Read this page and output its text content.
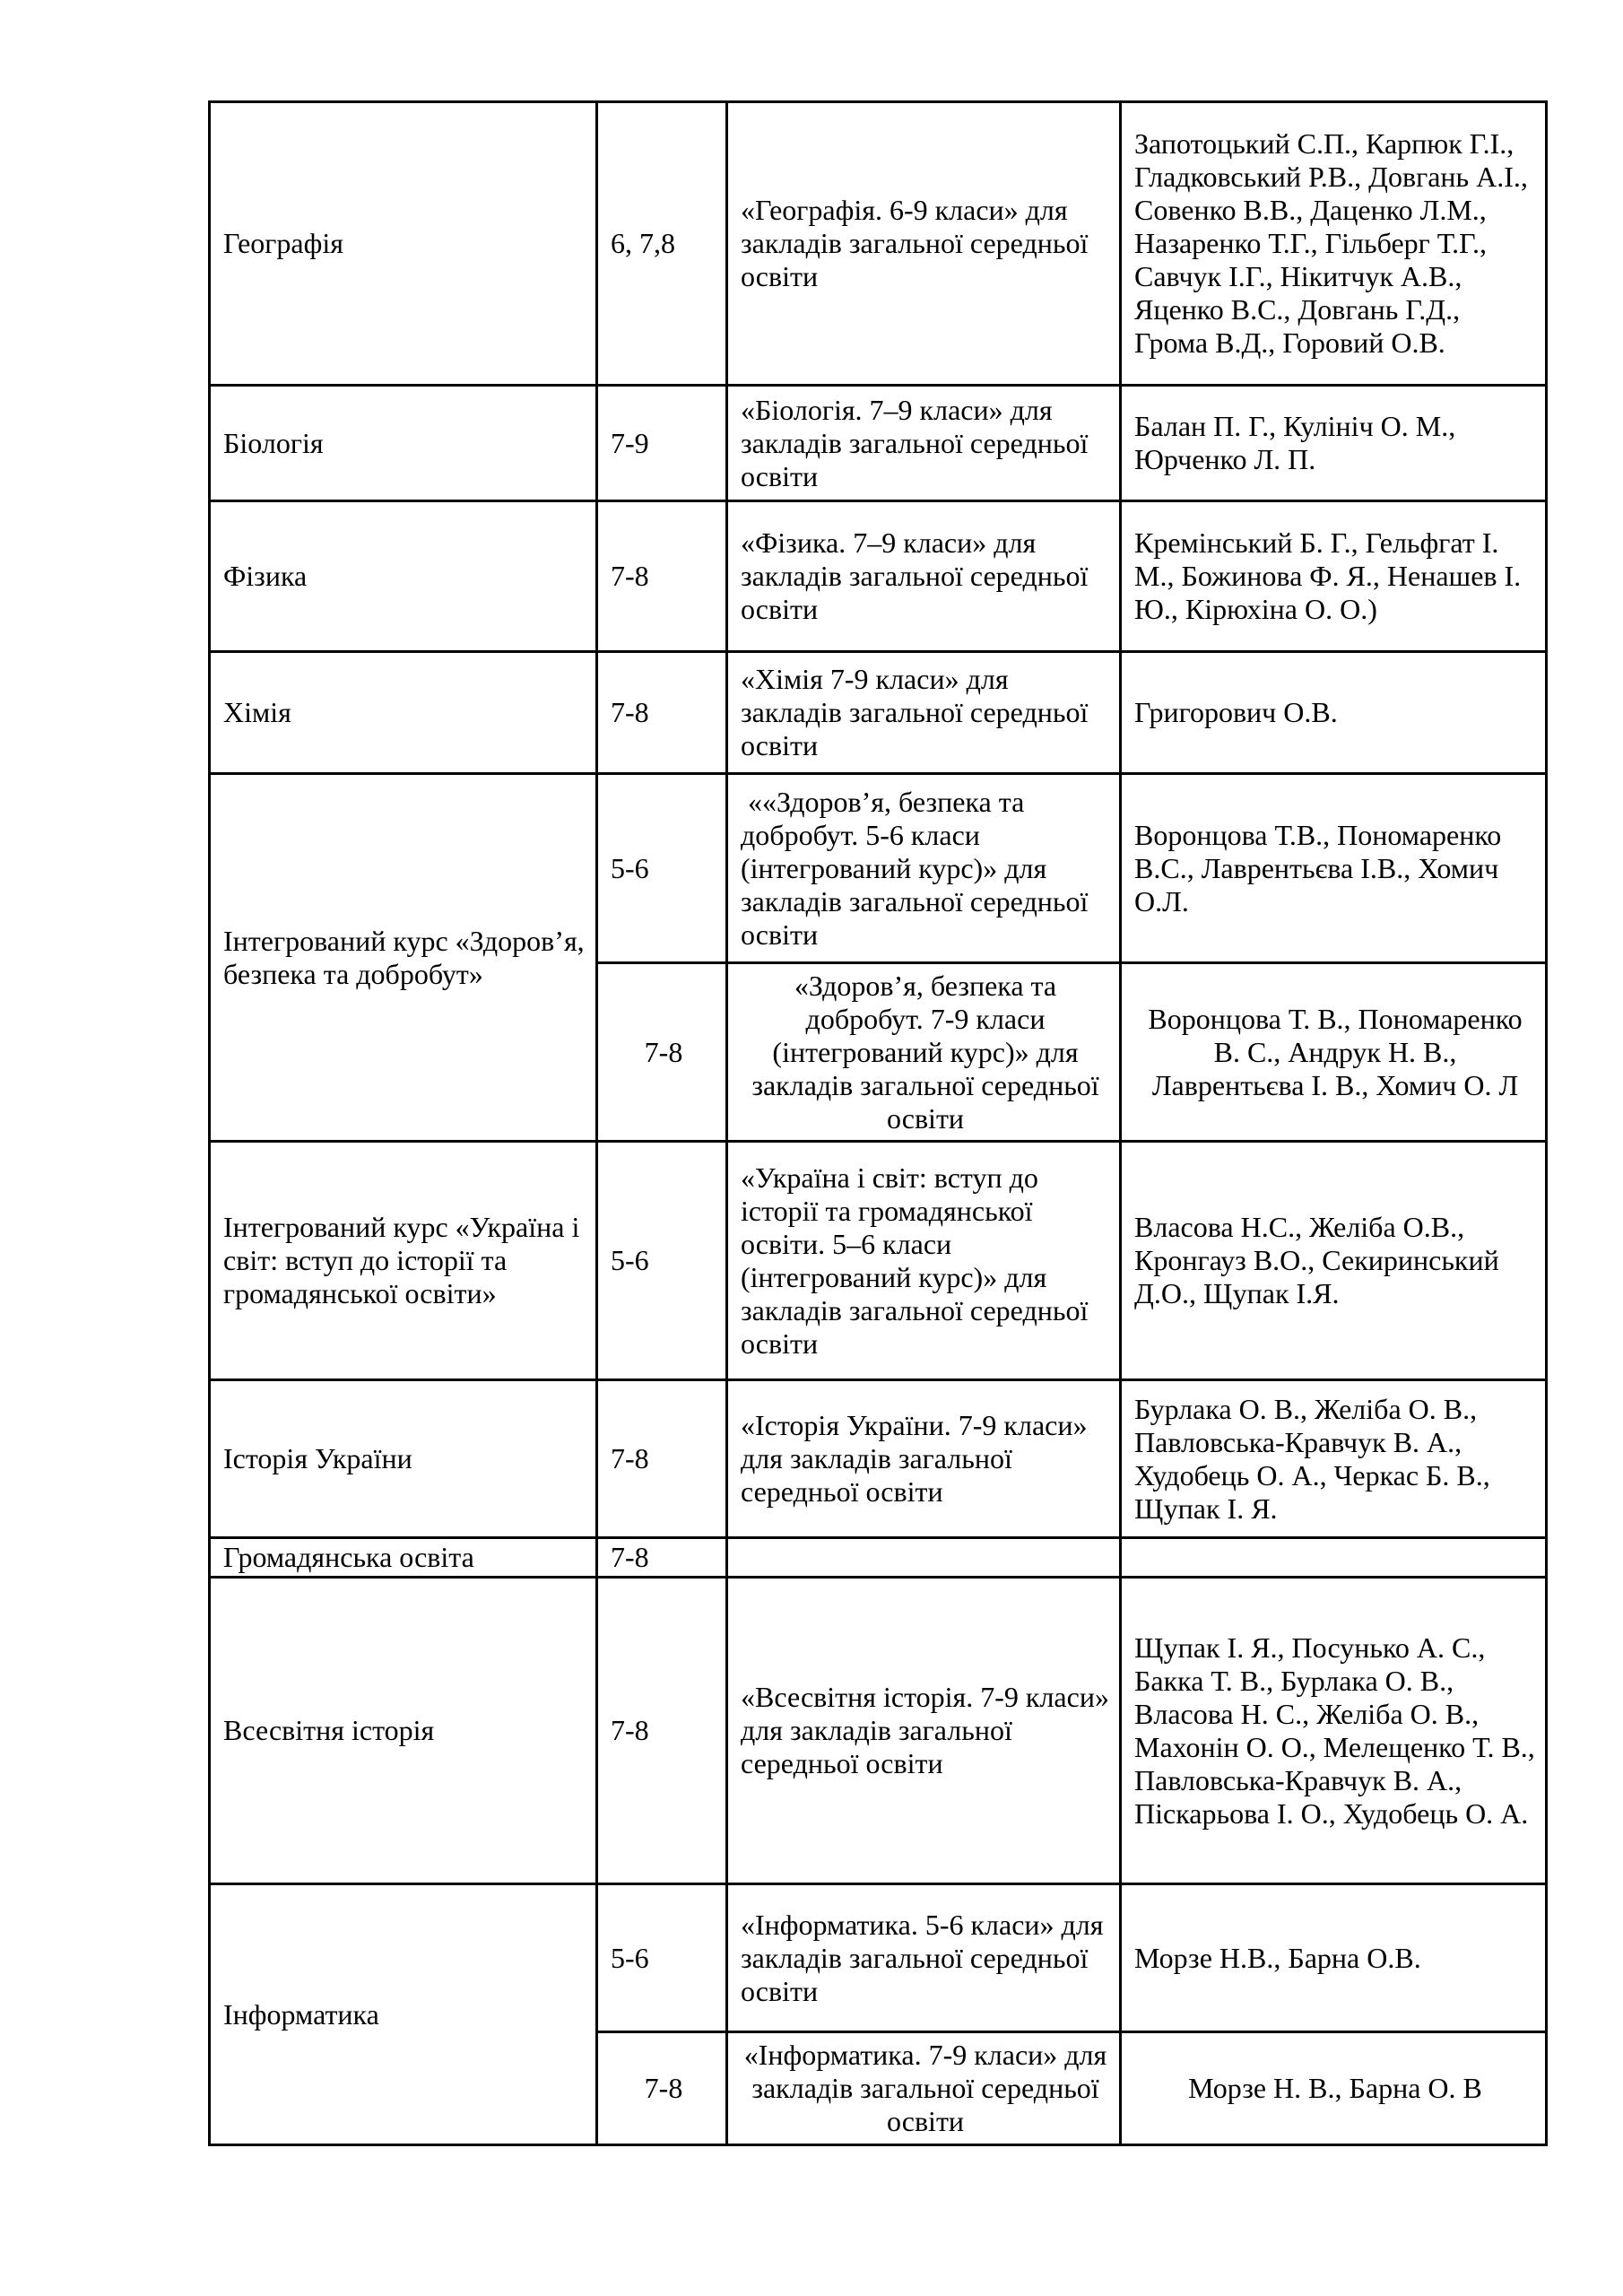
Географія	6, 7,8	«Географія. 6-9 класи» для закладів загальної середньої освіти	Запотоцький С.П., Карпюк Г.І., Гладковський Р.В., Довгань А.І., Совенко В.В., Даценко Л.М., Назаренко Т.Г., Гільберг Т.Г., Савчук І.Г., Нікитчук А.В., Яценко В.С., Довгань Г.Д., Грома В.Д., Горовий О.В.
Біологія	7-9	«Біологія. 7–9 класи» для закладів загальної середньої освіти	Балан П. Г., Кулініч О. М., Юрченко Л. П.
Фізика	7-8	«Фізика. 7–9 класи» для закладів загальної середньої освіти	Кремінський Б. Г., Гельфгат І. М., Божинова Ф. Я., Ненашев І. Ю., Кірюхіна О. О.)
Хімія	7-8	«Хімія 7-9 класи» для закладів загальної середньої освіти	Григорович О.В.
Інтегрований курс «Здоров’я, безпека та добробут»	5-6	««Здоров’я, безпека та добробут. 5-6 класи (інтегрований курс)» для закладів загальної середньої освіти	Воронцова Т.В., Пономаренко В.С., Лаврентьєва І.В., Хомич О.Л.
	7-8	«Здоров’я, безпека та добробут. 7-9 класи (інтегрований курс)» для закладів загальної середньої освіти	Воронцова Т. В., Пономаренко В. С., Андрук Н. В., Лаврентьєва І. В., Хомич О. Л
Інтегрований курс «Україна і світ: вступ до історії та громадянської освіти»	5-6	«Україна і світ: вступ до історії та громадянської освіти. 5–6 класи (інтегрований курс)» для закладів загальної середньої освіти	Власова Н.С., Желіба О.В., Кронгауз В.О., Секиринський Д.О., Щупак І.Я.
Історія України	7-8	«Історія України. 7-9 класи» для закладів загальної середньої освіти	Бурлака О. В., Желіба О. В., Павловська-Кравчук В. А., Худобець О. А., Черкас Б. В., Щупак І. Я.
Громадянська освіта	7-8		
Всесвітня історія	7-8	«Всесвітня історія. 7-9 класи» для закладів загальної середньої освіти	Щупак І. Я., Посунько А. С., Бакка Т. В., Бурлака О. В., Власова Н. С., Желіба О. В., Махонін О. О., Мелещенко Т. В., Павловська-Кравчук В. А., Піскарьова І. О., Худобець О. А.
Інформатика	5-6	«Інформатика. 5-6 класи» для закладів загальної середньої освіти	Морзе Н.В., Барна О.В.
	7-8	«Інформатика. 7-9 класи» для закладів загальної середньої освіти	Морзе Н. В., Барна О. В
